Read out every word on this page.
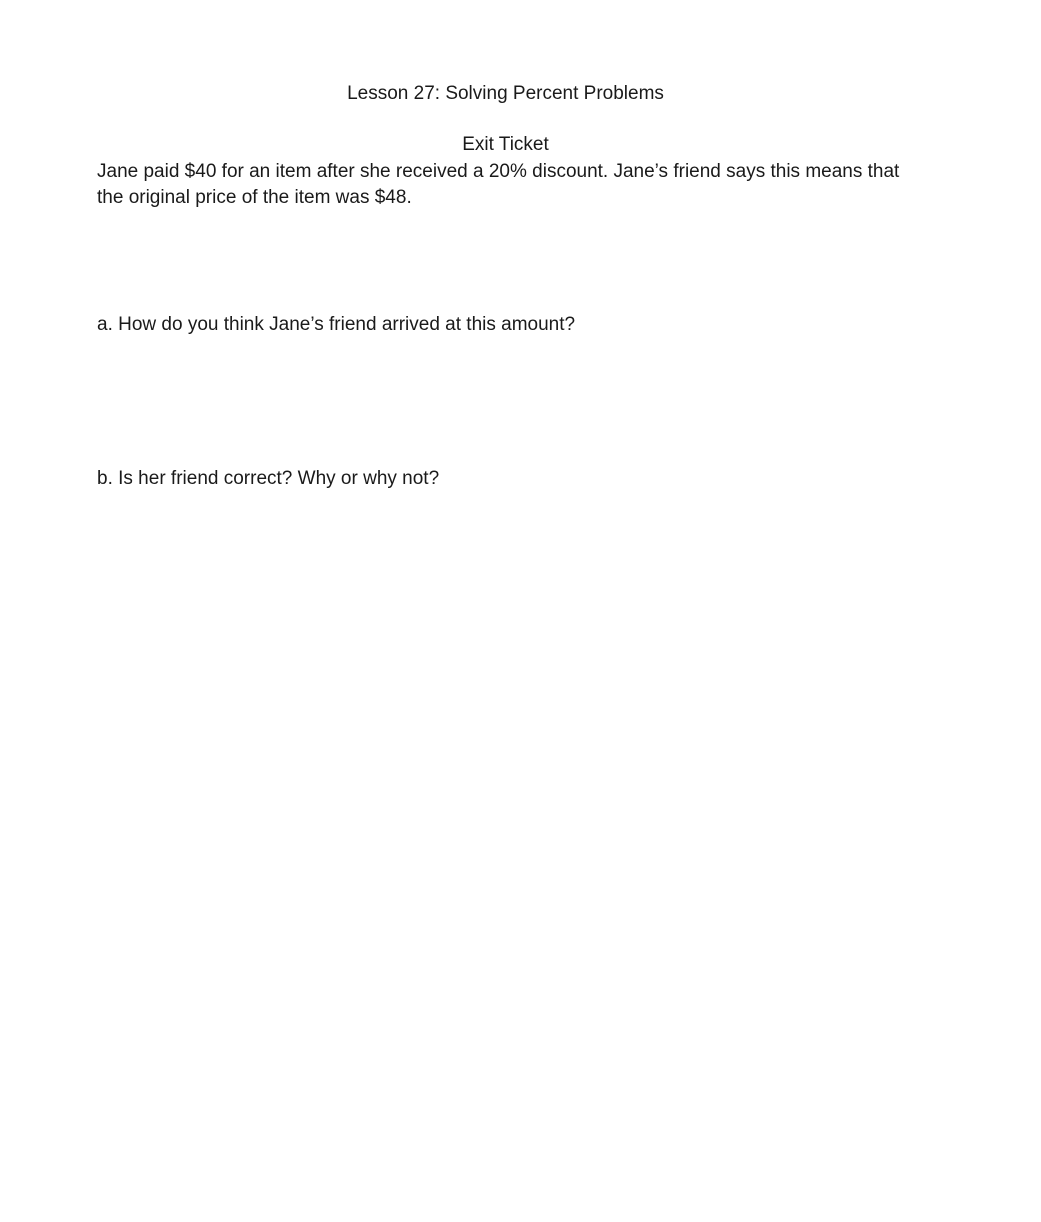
Lesson 27: Solving Percent Problems
Exit Ticket
Jane paid $40 for an item after she received a 20% discount. Jane’s friend says this means that
the original price of the item was $48.
a. How do you think Jane’s friend arrived at this amount?
b. Is her friend correct? Why or why not?
